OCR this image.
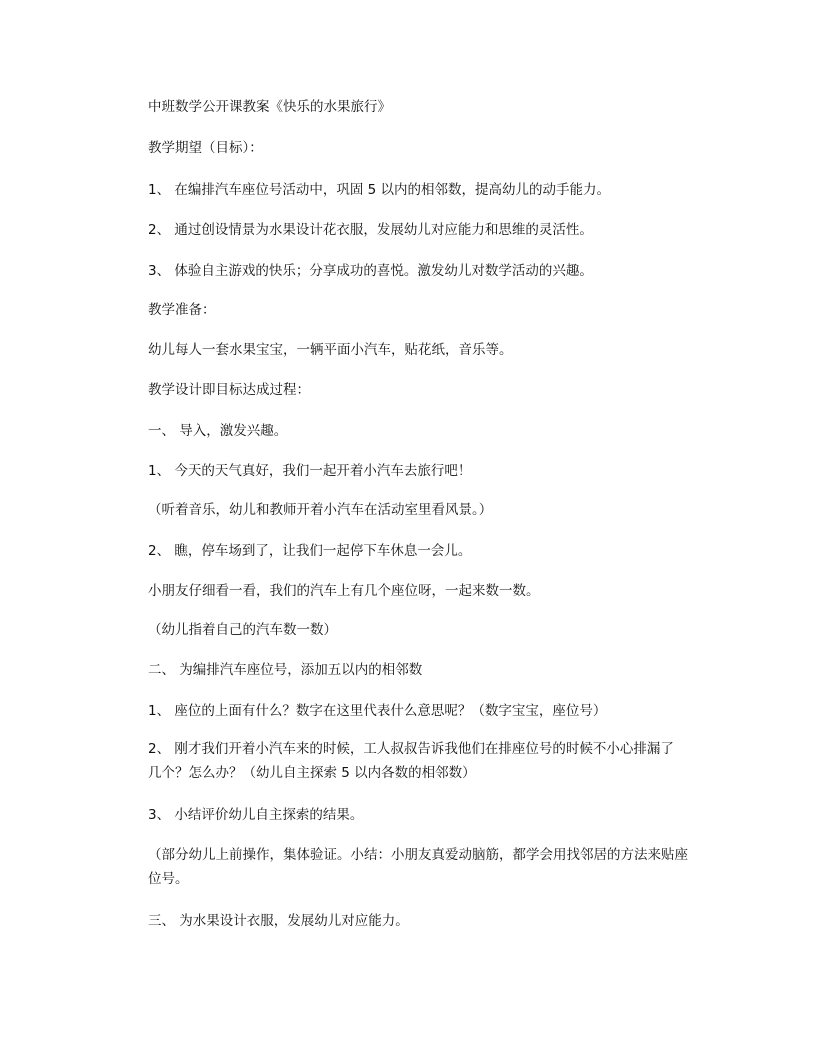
中班数学公开课教案《快乐的水果旅行》
教学期望（目标）：
1、 在编排汽车座位号活动中，巩固 5 以内的相邻数，提高幼儿的动手能力。
2、 通过创设情景为水果设计花衣服，发展幼儿对应能力和思维的灵活性。
3、 体验自主游戏的快乐；分享成功的喜悦。激发幼儿对数学活动的兴趣。
教学准备：
幼儿每人一套水果宝宝，一辆平面小汽车，贴花纸，音乐等。
教学设计即目标达成过程：
一、 导入，激发兴趣。
1、 今天的天气真好，我们一起开着小汽车去旅行吧！
（听着音乐，幼儿和教师开着小汽车在活动室里看风景。）
2、 瞧，停车场到了，让我们一起停下车休息一会儿。
小朋友仔细看一看，我们的汽车上有几个座位呀，一起来数一数。
（幼儿指着自己的汽车数一数）
二、 为编排汽车座位号，添加五以内的相邻数
1、 座位的上面有什么？数字在这里代表什么意思呢？（数字宝宝，座位号）
2、 刚才我们开着小汽车来的时候，工人叔叔告诉我他们在排座位号的时候不小心排漏了几个？怎么办？（幼儿自主探索 5 以内各数的相邻数）
3、 小结评价幼儿自主探索的结果。
（部分幼儿上前操作，集体验证。小结：小朋友真爱动脑筋，都学会用找邻居的方法来贴座位号。
三、 为水果设计衣服，发展幼儿对应能力。
